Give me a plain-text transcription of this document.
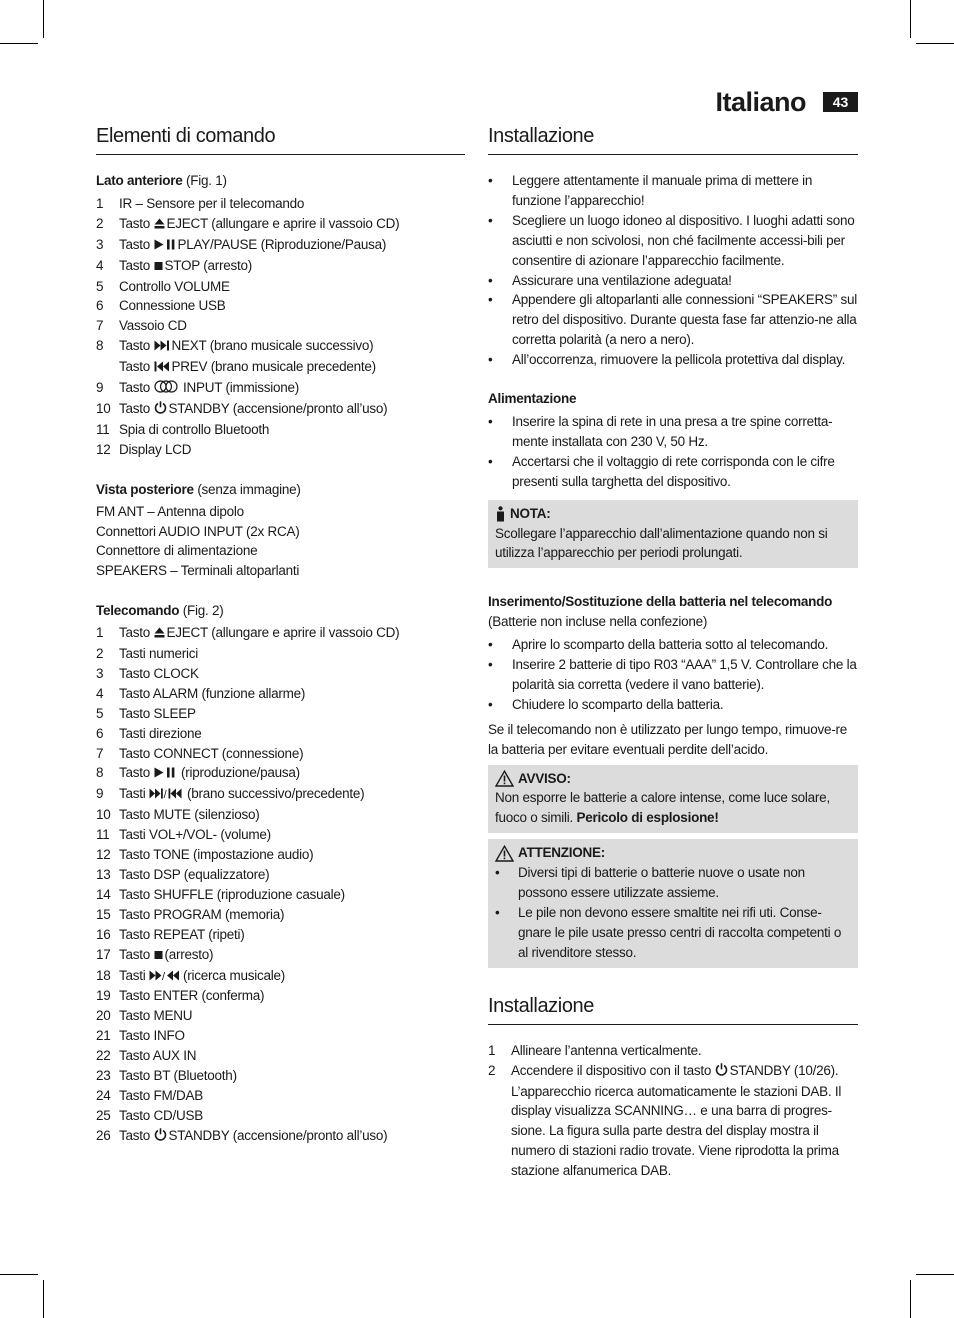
Italiano	43
Elementi di comando
Lato anteriore (Fig. 1)
1	IR – Sensore per il telecomando
2	Tasto EJECT (allungare e aprire il vassoio CD)
3	Tasto PLAY/PAUSE (Riproduzione/Pausa)
4	Tasto STOP (arresto)
5	Controllo VOLUME
6	Connessione USB
7	Vassoio CD
8	Tasto NEXT (brano musicale successivo)
Tasto PREV (brano musicale precedente)
9	Tasto  INPUT (immissione)
10 Tasto STANDBY (accensione/pronto all’uso)
11 Spia di controllo Bluetooth
12 Display LCD
Vista posteriore (senza immagine)
FM ANT – Antenna dipolo
Connettori AUDIO INPUT (2x RCA)
Connettore di alimentazione
SPEAKERS – Terminali altoparlanti
Telecomando (Fig. 2)
1	Tasto EJECT (allungare e aprire il vassoio CD)
2	Tasti numerici
3	Tasto CLOCK
4	Tasto ALARM (funzione allarme)
5	Tasto SLEEP
6	Tasti direzione
7	Tasto CONNECT (connessione)
8	Tasto  (riproduzione/pausa)
9	Tasti / (brano successivo/precedente)
10 Tasto MUTE (silenzioso)
11 Tasti VOL+/VOL- (volume)
12 Tasto TONE (impostazione audio)
13 Tasto DSP (equalizzatore)
14 Tasto SHUFFLE (riproduzione casuale)
15 Tasto PROGRAM (memoria)
16 Tasto REPEAT (ripeti)
17 Tasto (arresto)
18 Tasti / (ricerca musicale)
19 Tasto ENTER (conferma)
20 Tasto MENU
21 Tasto INFO
22 Tasto AUX IN
23 Tasto BT (Bluetooth)
24 Tasto FM/DAB
25 Tasto CD/USB
26 Tasto STANDBY (accensione/pronto all’uso)
Installazione
•	Leggere attentamente il manuale prima di mettere in funzione l’apparecchio!
•	Scegliere un luogo idoneo al dispositivo. I luoghi adatti sono asciutti e non scivolosi, non ché facilmente accessi-bili per consentire di azionare l’apparecchio facilmente.
•	Assicurare una ventilazione adeguata!
•	Appendere gli altoparlanti alle connessioni “SPEAKERS” sul retro del dispositivo. Durante questa fase far attenzio-ne alla corretta polarità (a nero a nero).
•	All’occorrenza, rimuovere la pellicola protettiva dal display.
Alimentazione
•	Inserire la spina di rete in una presa a tre spine corretta-mente installata con 230 V, 50 Hz.
•	Accertarsi che il voltaggio di rete corrisponda con le cifre presenti sulla targhetta del dispositivo.
NOTA:
Scollegare l’apparecchio dall’alimentazione quando non si utilizza l’apparecchio per periodi prolungati.
Inserimento/Sostituzione della batteria nel telecomando
(Batterie non incluse nella confezione)
•	Aprire lo scomparto della batteria sotto al telecomando.
•	Inserire 2 batterie di tipo R03 “AAA” 1,5 V. Controllare che la polarità sia corretta (vedere il vano batterie).
•	Chiudere lo scomparto della batteria.
Se il telecomando non è utilizzato per lungo tempo, rimuove-re la batteria per evitare eventuali perdite dell’acido.
AVVISO:
Non esporre le batterie a calore intense, come luce solare, fuoco o simili. Pericolo di esplosione!
ATTENZIONE:
•	Diversi tipi di batterie o batterie nuove o usate non possono essere utilizzate assieme.
•	Le pile non devono essere smaltite nei rifi uti. Conse-gnare le pile usate presso centri di raccolta competenti o al rivenditore stesso.
Installazione
1	Allineare l’antenna verticalmente.
2	Accendere il dispositivo con il tasto STANDBY (10/26). L’apparecchio ricerca automaticamente le stazioni DAB. Il display visualizza SCANNING… e una barra di progres-sione. La figura sulla parte destra del display mostra il numero di stazioni radio trovate. Viene riprodotta la prima stazione alfanumerica DAB.
